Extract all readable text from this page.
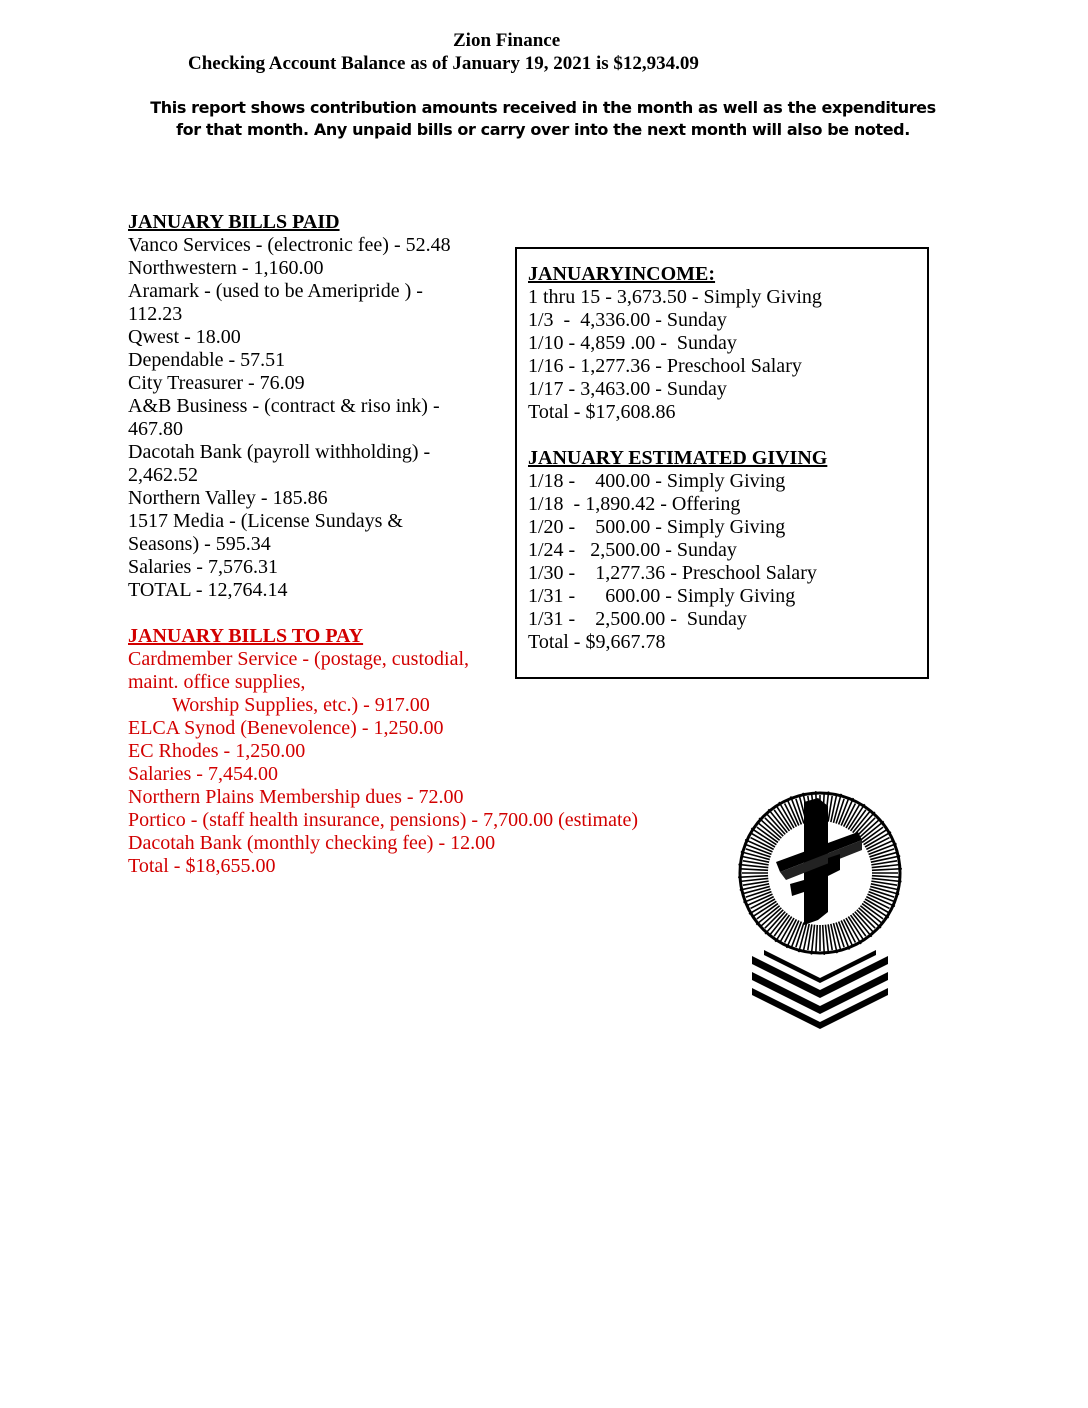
Zion Finance
Checking Account Balance as of January 19, 2021 is $12,934.09
This report shows contribution amounts received in the month as well as the expenditures
for that month. Any unpaid bills or carry over into the next month will also be noted.
JANUARY BILLS PAID
Vanco Services - (electronic fee) - 52.48
Northwestern - 1,160.00
Aramark - (used to be Ameripride ) -
112.23
Qwest - 18.00
Dependable - 57.51
City Treasurer - 76.09
A&B Business - (contract & riso ink) -
467.80
Dacotah Bank (payroll withholding) -
2,462.52
Northern Valley - 185.86
1517 Media - (License Sundays &
Seasons) - 595.34
Salaries - 7,576.31
TOTAL - 12,764.14
JANUARY BILLS TO PAY
Cardmember Service - (postage, custodial,
maint. office supplies,
Worship Supplies, etc.) - 917.00
ELCA Synod (Benevolence) - 1,250.00
EC Rhodes - 1,250.00
Salaries - 7,454.00
Northern Plains Membership dues - 72.00
Portico - (staff health insurance, pensions) - 7,700.00 (estimate)
Dacotah Bank (monthly checking fee) - 12.00
Total - $18,655.00
JANUARYINCOME:
1 thru 15 - 3,673.50 - Simply Giving
1/3  -  4,336.00 - Sunday
1/10 - 4,859 .00 -  Sunday
1/16 - 1,277.36 - Preschool Salary
1/17 - 3,463.00 - Sunday
Total - $17,608.86
JANUARY ESTIMATED GIVING
1/18 -    400.00 - Simply Giving
1/18  - 1,890.42 - Offering
1/20 -    500.00 - Simply Giving
1/24 -   2,500.00 - Sunday
1/30 -    1,277.36 - Preschool Salary
1/31 -      600.00 - Simply Giving
1/31 -    2,500.00 -  Sunday
Total - $9,667.78
